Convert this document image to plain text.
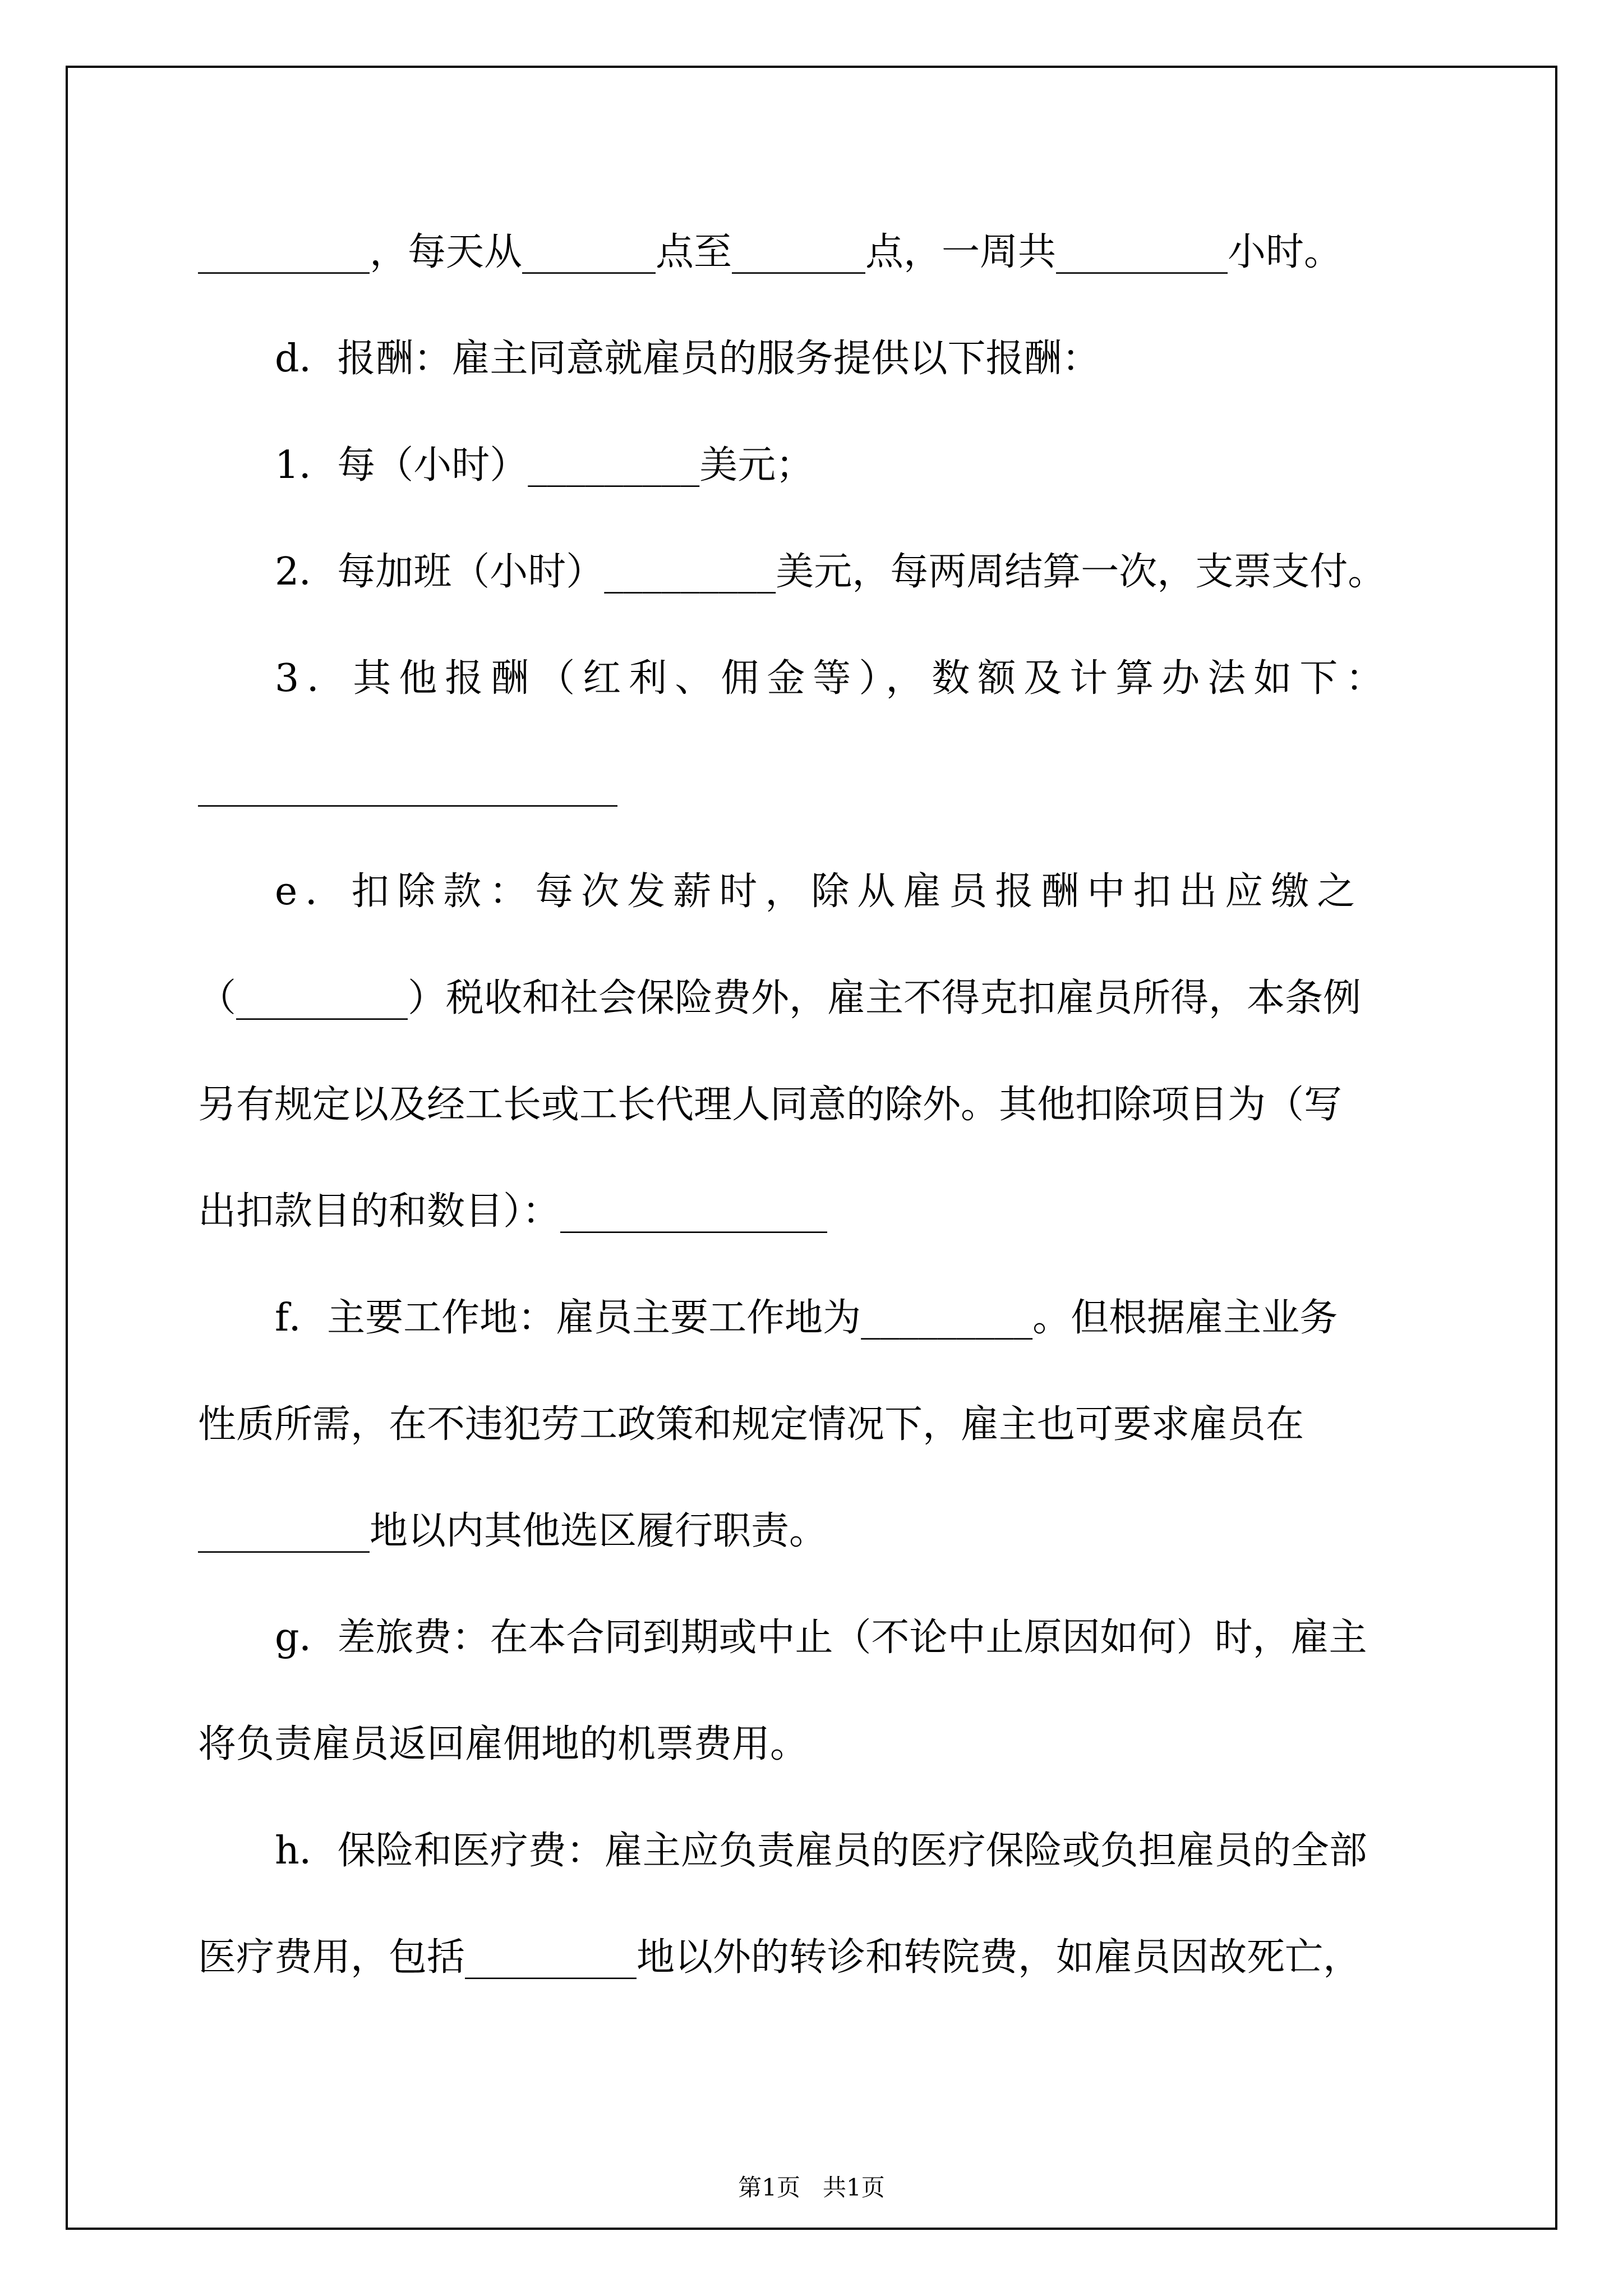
_________，每天从_______点至_______点，一周共_________小时。

d．报酬：雇主同意就雇员的服务提供以下报酬：

1．每（小时）_________美元；

2．每加班（小时）_________美元，每两周结算一次，支票支付。

3．其他报酬（红利、佣金等），数额及计算办法如下：

______________________

e．扣除款：每次发薪时，除从雇员报酬中扣出应缴之

（_________）税收和社会保险费外，雇主不得克扣雇员所得，本条例

另有规定以及经工长或工长代理人同意的除外。其他扣除项目为（写

出扣款目的和数目）：______________

f．主要工作地：雇员主要工作地为_________。但根据雇主业务

性质所需，在不违犯劳工政策和规定情况下，雇主也可要求雇员在

_________地以内其他选区履行职责。

g．差旅费：在本合同到期或中止（不论中止原因如何）时，雇主

将负责雇员返回雇佣地的机票费用。

h．保险和医疗费：雇主应负责雇员的医疗保险或负担雇员的全部

医疗费用，包括_________地以外的转诊和转院费，如雇员因故死亡，

第1页   共1页
